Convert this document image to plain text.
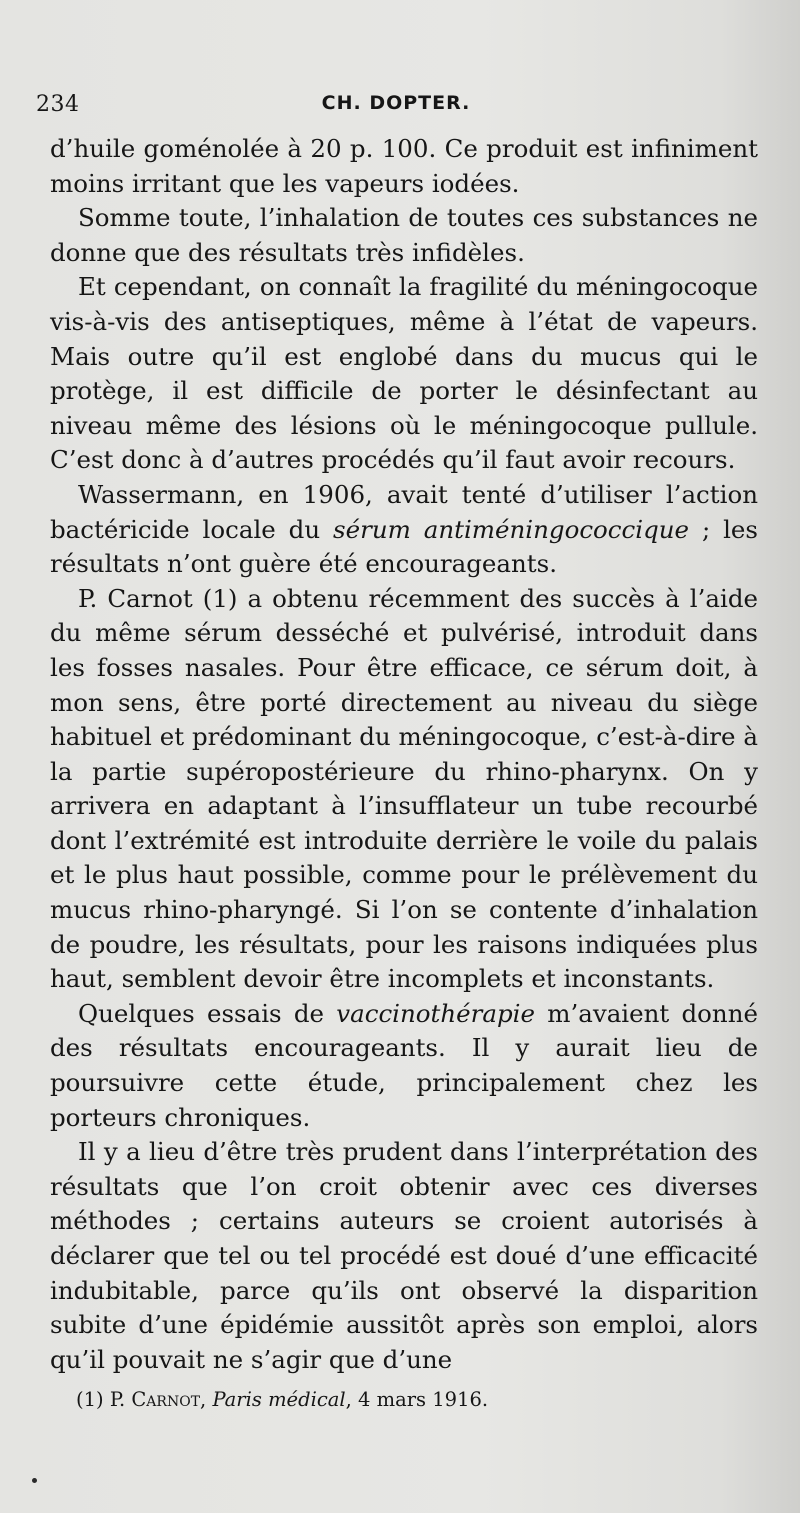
234	CH. DOPTER.

d’huile goménolée à 20 p. 100. Ce produit est infiniment moins irritant que les vapeurs iodées.

Somme toute, l’inhalation de toutes ces substances ne donne que des résultats très infidèles.

Et cependant, on connaît la fragilité du méningocoque vis-à-vis des antiseptiques, même à l’état de vapeurs. Mais outre qu’il est englobé dans du mucus qui le protège, il est difficile de porter le désinfectant au niveau même des lésions où le méningocoque pullule. C’est donc à d’autres procédés qu’il faut avoir recours.

Wassermann, en 1906, avait tenté d’utiliser l’action bactéricide locale du sérum antiméningococcique ; les résultats n’ont guère été encourageants.

P. Carnot (1) a obtenu récemment des succès à l’aide du même sérum desséché et pulvérisé, introduit dans les fosses nasales. Pour être efficace, ce sérum doit, à mon sens, être porté directement au niveau du siège habituel et prédominant du méningocoque, c’est-à-dire à la partie supéropostérieure du rhino-pharynx. On y arrivera en adaptant à l’insufflateur un tube recourbé dont l’extrémité est introduite derrière le voile du palais et le plus haut possible, comme pour le prélèvement du mucus rhino-pharyngé. Si l’on se contente d’inhalation de poudre, les résultats, pour les raisons indiquées plus haut, semblent devoir être incomplets et inconstants.

Quelques essais de vaccinothérapie m’avaient donné des résultats encourageants. Il y aurait lieu de poursuivre cette étude, principalement chez les porteurs chroniques.

Il y a lieu d’être très prudent dans l’interprétation des résultats que l’on croit obtenir avec ces diverses méthodes ; certains auteurs se croient autorisés à déclarer que tel ou tel procédé est doué d’une efficacité indubitable, parce qu’ils ont observé la disparition subite d’une épidémie aussitôt après son emploi, alors qu’il pouvait ne s’agir que d’une

(1) P. Carnot, Paris médical, 4 mars 1916.
